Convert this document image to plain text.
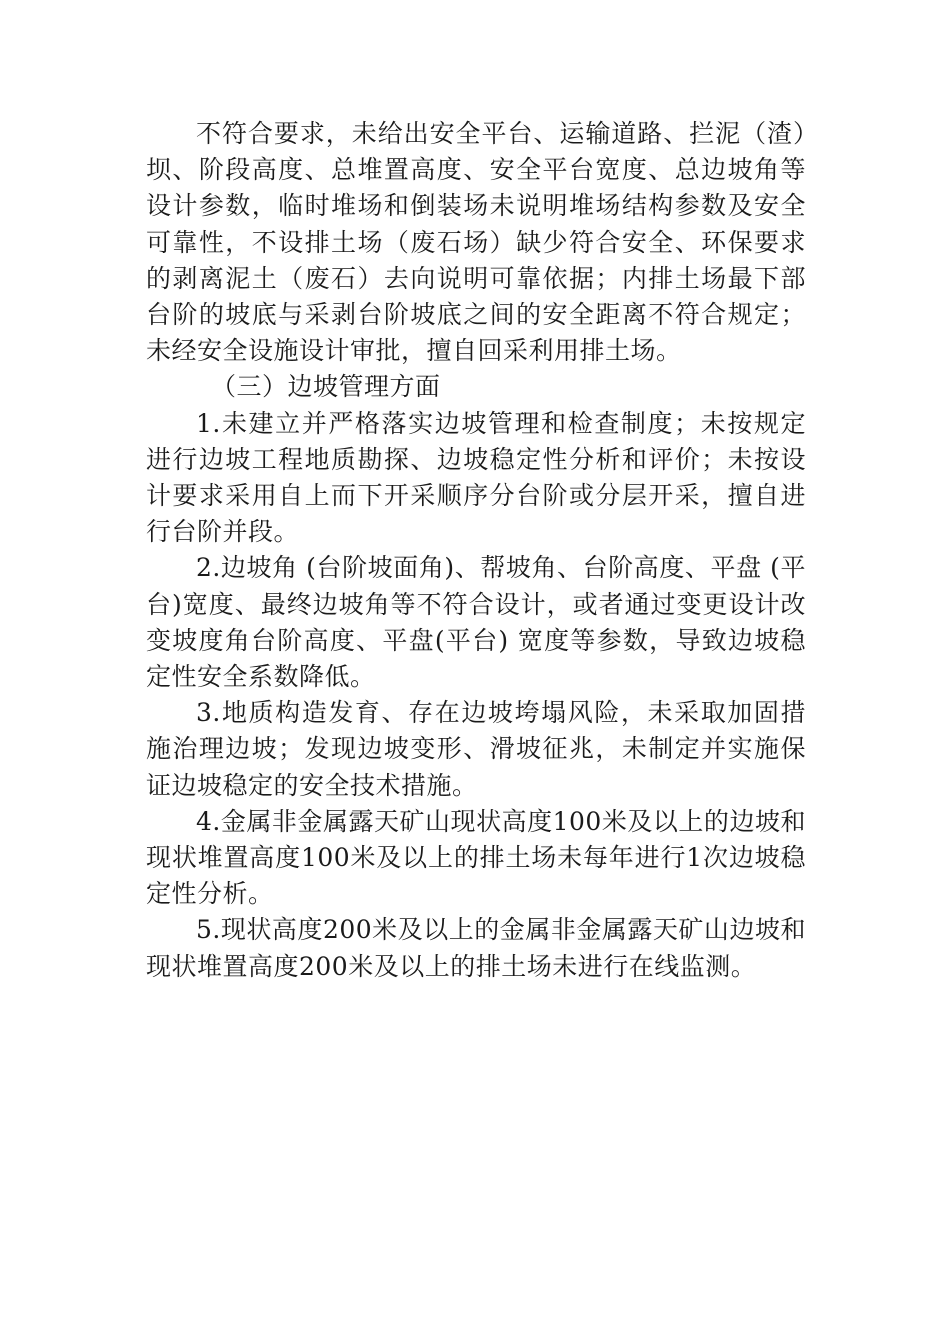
不符合要求，未给出安全平台、运输道路、拦泥（渣）坝、阶段高度、总堆置高度、安全平台宽度、总边坡角等设计参数，临时堆场和倒装场未说明堆场结构参数及安全可靠性，不设排土场（废石场）缺少符合安全、环保要求的剥离泥土（废石）去向说明可靠依据；内排土场最下部台阶的坡底与采剥台阶坡底之间的安全距离不符合规定；未经安全设施设计审批，擅自回采利用排土场。

（三）边坡管理方面

1.未建立并严格落实边坡管理和检查制度；未按规定进行边坡工程地质勘探、边坡稳定性分析和评价；未按设计要求采用自上而下开采顺序分台阶或分层开采，擅自进行台阶并段。

2.边坡角 (台阶坡面角)、帮坡角、台阶高度、平盘 (平台)宽度、最终边坡角等不符合设计，或者通过变更设计改变坡度角台阶高度、平盘(平台) 宽度等参数，导致边坡稳定性安全系数降低。

3.地质构造发育、存在边坡垮塌风险，未采取加固措施治理边坡；发现边坡变形、滑坡征兆，未制定并实施保证边坡稳定的安全技术措施。

4.金属非金属露天矿山现状高度100米及以上的边坡和现状堆置高度100米及以上的排土场未每年进行1次边坡稳定性分析。

5.现状高度200米及以上的金属非金属露天矿山边坡和现状堆置高度200米及以上的排土场未进行在线监测。
